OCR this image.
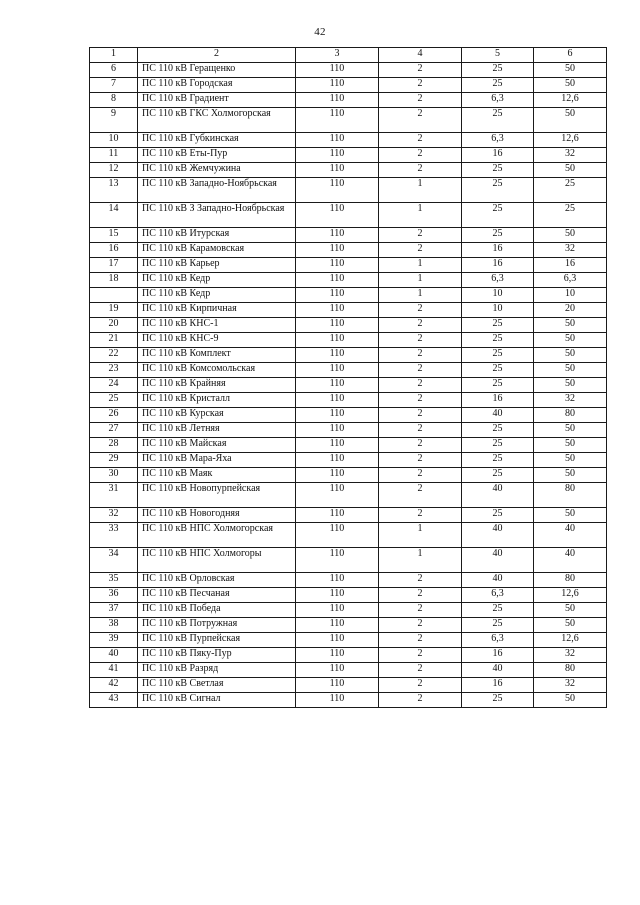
42
1	2	3	4	5	6
6	ПС 110 кВ Геращенко	110	2	25	50
7	ПС 110 кВ Городская	110	2	25	50
8	ПС 110 кВ Градиент	110	2	6,3	12,6
9	ПС 110 кВ ГКС Холмогорская	110	2	25	50
10	ПС 110 кВ Губкинская	110	2	6,3	12,6
11	ПС 110 кВ Еты-Пур	110	2	16	32
12	ПС 110 кВ Жемчужина	110	2	25	50
13	ПС 110 кВ Западно-Ноябрьская	110	1	25	25
14	ПС 110 кВ З Западно-Ноябрьская	110	1	25	25
15	ПС 110 кВ Итурская	110	2	25	50
16	ПС 110 кВ Карамовская	110	2	16	32
17	ПС 110 кВ Карьер	110	1	16	16
18	ПС 110 кВ Кедр	110	1	6,3	6,3
	ПС 110 кВ Кедр	110	1	10	10
19	ПС 110 кВ Кирпичная	110	2	10	20
20	ПС 110 кВ КНС-1	110	2	25	50
21	ПС 110 кВ КНС-9	110	2	25	50
22	ПС 110 кВ Комплект	110	2	25	50
23	ПС 110 кВ Комсомольская	110	2	25	50
24	ПС 110 кВ Крайняя	110	2	25	50
25	ПС 110 кВ Кристалл	110	2	16	32
26	ПС 110 кВ Курская	110	2	40	80
27	ПС 110 кВ Летняя	110	2	25	50
28	ПС 110 кВ Майская	110	2	25	50
29	ПС 110 кВ Мара-Яха	110	2	25	50
30	ПС 110 кВ Маяк	110	2	25	50
31	ПС 110 кВ Новопурпейская	110	2	40	80
32	ПС 110 кВ Новогодняя	110	2	25	50
33	ПС 110 кВ НПС Холмогорская	110	1	40	40
34	ПС 110 кВ НПС Холмогоры	110	1	40	40
35	ПС 110 кВ Орловская	110	2	40	80
36	ПС 110 кВ Песчаная	110	2	6,3	12,6
37	ПС 110 кВ Победа	110	2	25	50
38	ПС 110 кВ Потружная	110	2	25	50
39	ПС 110 кВ Пурпейская	110	2	6,3	12,6
40	ПС 110 кВ Пяку-Пур	110	2	16	32
41	ПС 110 кВ Разряд	110	2	40	80
42	ПС 110 кВ Светлая	110	2	16	32
43	ПС 110 кВ Сигнал	110	2	25	50
